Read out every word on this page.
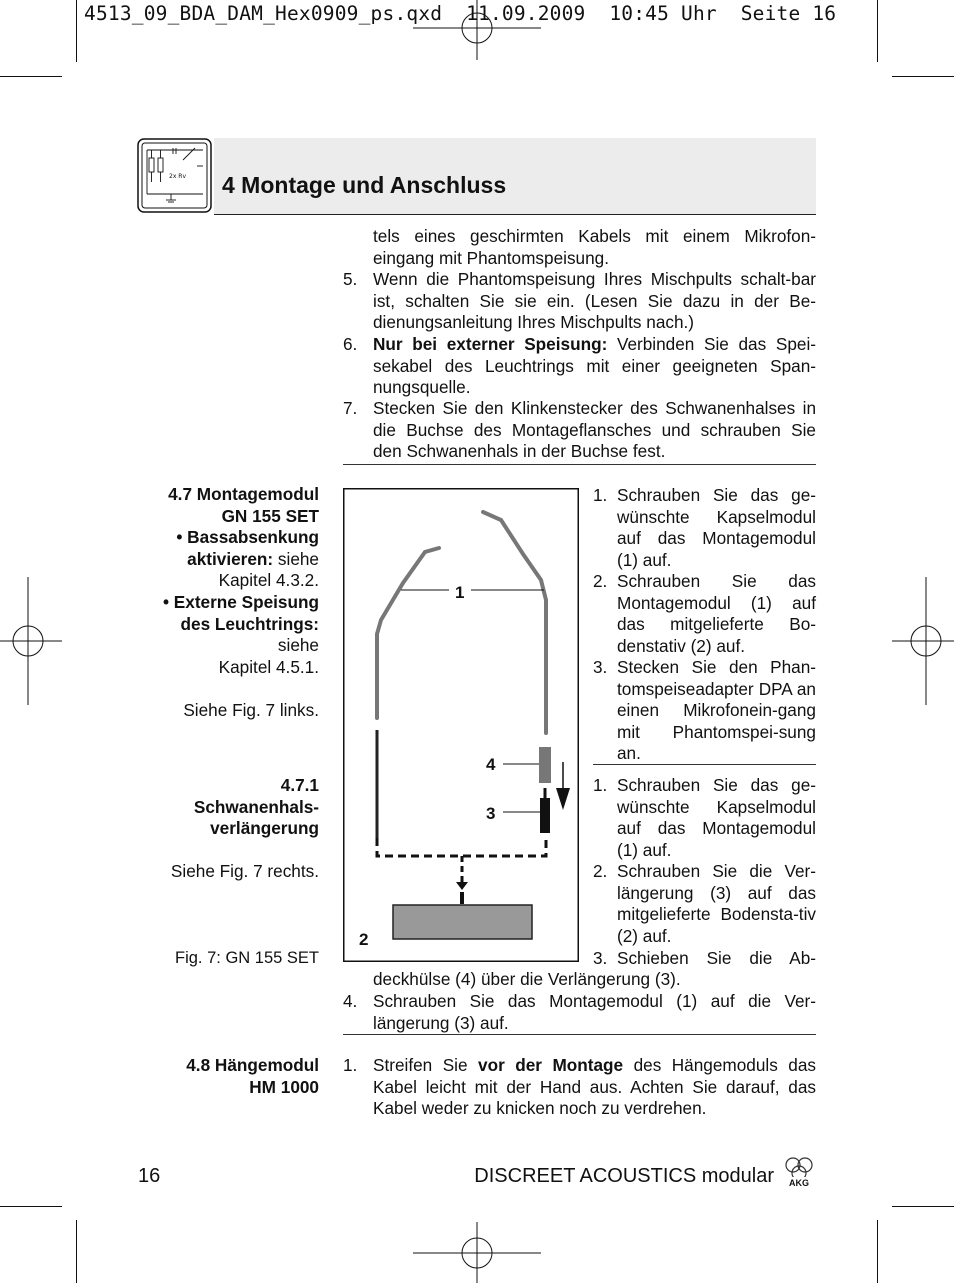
4513_09_BDA_DAM_Hex0909_ps.qxd  11.09.2009  10:45 Uhr  Seite 16
2x Rv 4 Montage und Anschluss
tels eines geschirmten Kabels mit einem Mikrofon-eingang mit Phantomspeisung.
5. Wenn die Phantomspeisung Ihres Mischpults schalt-bar ist, schalten Sie sie ein. (Lesen Sie dazu in der Be-dienungsanleitung Ihres Mischpults nach.)
6. Nur bei externer Speisung: Verbinden Sie das Spei-sekabel des Leuchtrings mit einer geeigneten Span-nungsquelle.
7. Stecken Sie den Klinkenstecker des Schwanenhalses in die Buchse des Montageflansches und schrauben Sie den Schwanenhals in der Buchse fest.
4.7 Montagemodul
GN 155 SET
• Bassabsenkung
aktivieren: siehe
Kapitel 4.3.2.
• Externe Speisung
des Leuchtrings:
siehe
Kapitel 4.5.1.
Siehe Fig. 7 links.
4.7.1
Schwanenhals-
verlängerung
Siehe Fig. 7 rechts.
Fig. 7: GN 155 SET
1
2
3
4
1. Schrauben Sie das ge-wünschte Kapselmodul auf das Montagemodul (1) auf.
2. Schrauben Sie das Montagemodul (1) auf das mitgelieferte Bo-denstativ (2) auf.
3. Stecken Sie den Phan-tomspeiseadapter DPA an einen Mikrofonein-gang mit Phantomspei-sung an.
1. Schrauben Sie das ge-wünschte Kapselmodul auf das Montagemodul (1) auf.
2. Schrauben Sie die Ver-längerung (3) auf das mitgelieferte Bodensta-tiv (2) auf.
3. Schieben Sie die Ab-
deckhülse (4) über die Verlängerung (3).
4. Schrauben Sie das Montagemodul (1) auf die Ver-längerung (3) auf.
4.8 Hängemodul
HM 1000
1. Streifen Sie vor der Montage des Hängemoduls das Kabel leicht mit der Hand aus. Achten Sie darauf, das Kabel weder zu knicken noch zu verdrehen.
16	DISCREET ACOUSTICS modular AKG
